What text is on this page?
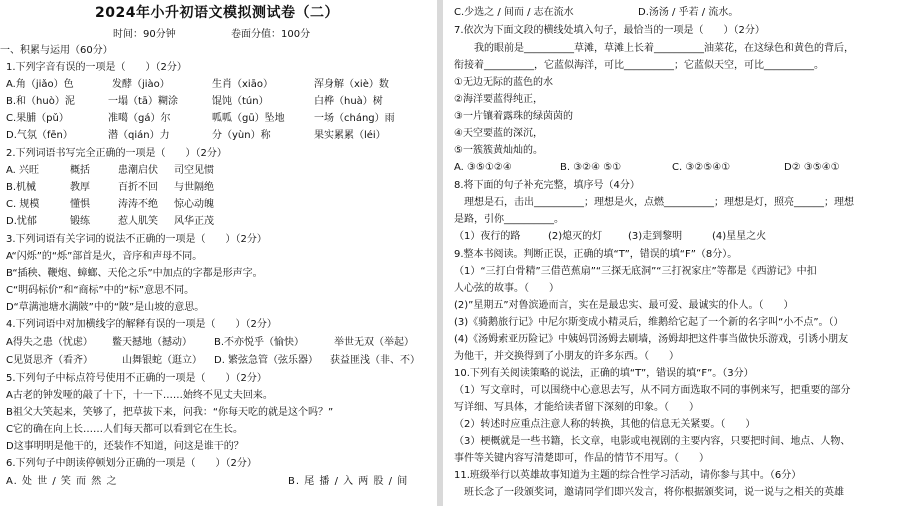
2024年小升初语文模拟测试卷（二）
时间：90分钟	卷面分值：100分
一、积累与运用（60分）
1.下列字音有误的一项是（　　）（2分）
A.角（jiǎo）色	发酵（jiào）	生肖（xiāo）	浑身解（xiè）数
B.和（huò）泥	一塌（tā）糊涂	馄饨（tún）	白桦（huà）树
C.果脯（pǔ）	准噶（gá）尔	呱呱（gū）坠地	一场（cháng）雨
D.气氛（fēn）	潜（qián）力	分（yùn）称	果实累累（léi）
2.下列词语书写完全正确的一项是（　　）（2分）
A. 兴旺	概括	患潮启伏 司空见惯
B.机械	教厚	百折不回 与世隔绝
C. 规模	懂惧	涛涛不绝 惊心动魄
D.忧郁	锻练	惹人肌笑 风华正茂
3.下列词语有关字词的说法不正确的一项是（　　）（2分）
A“闪烁”的“烁”部首是火，音序和声母不同。
B“插秧、鞭炮、蟑螂、天伦之乐”中加点的字都是形声字。
C“明码标价”和“商标”中的“标”意思不同。
D“草满池塘水满陂”中的“陂”是山坡的意思。
4.下列词语中对加横线字的解释有误的一项是（　　）（2分）
A得失之患（忧虑） 鳖天撼地（撼动） B.不亦悦乎（愉快）	举世无双（举起）
C见贤思齐（看齐）	山舞银蛇（逛立） D. 繁弦急管（弦乐器） 获益匪浅（非、不）
5.下列句子中标点符号使用不正确的一项是（　　）（2分）
A古老的钟发哑的敲了十下，十一下……始终不见丈夫回来。
B祖父大笑起来，笑够了，把草拔下来，问我：“你每天吃的就是这个吗？”
C它的确在向上长……人们每天都可以看到它在生长。
D这事明明是他干的，还装作不知道，问这是谁干的？
6.下列句子中朗读停顿划分正确的一项是（　　）（2分）
A. 处 世 / 笑 而 然 之	B. 尾 播 / 入 两 股 / 间
C.少选之 / 间而 / 志在流水	D.汤汤 / 乎若 / 流水。
7.依次为下面文段的横线处填入句子，最恰当的一项是（　　）（2分）
　　我的眼前是__________草滩，草滩上长着__________油菜花，在这绿色和黄色的背后，
衔接着__________，它蓝似海洋，可比__________；它蓝似天空，可比__________。
①无边无际的蓝色的水
②海洋要蓝得纯正，
③一片镶着露珠的绿茵茵的
④天空要蓝的深沉，
⑤一簇簇黄灿灿的。
A. ③⑤①②④	B. ③②④ ⑤①	C. ③②⑤④①	D② ③⑤④①
8.将下面的句子补充完整，填序号（4分）
　理想是石，击出__________；理想是火，点燃__________；理想是灯，照亮______；理想
是路，引你__________。
（1）夜行的路	(2)熄灭的灯	(3)走到黎明	(4)星星之火
9.整本书阅读。判断正误，正确的填“T”，错误的填“F”（8分）。
（1）“三打白骨精”三借芭蕉扇”“三探无底洞”“三打祝家庄”等都是《西游记》中扣
人心弦的故事。（　　）
(2)”星期五”对鲁滨逊而言，实在是最忠实、最可爱、最诚实的仆人。（　　）
(3)《骑鹅旅行记》中尼尔斯变成小精灵后，维鹅给它起了一个新的名字叫“小不点”。（）
(4)《汤姆索亚历险记》中姨妈罚汤姆去刷墙，汤姆却把这件事当做快乐游戏，引诱小朋友
为他干，并交换得到了小朋友的许多东西。（　　）
10.下列有关阅读策略的说法，正确的填“T”，错误的填“F”。（3分）
（1）写文章时，可以围绕中心意思去写，从不同方面选取不同的事例来写，把重要的部分
写详细、写具体，才能给读者留下深刻的印象。（　　）
（2）转述时应重点注意人称的转换，其他的信息无关紧要。（　　）
（3）梗概就是一些书籍，长文章，电影或电视剧的主要内容，只要把时间、地点、人物、
事件等关键内容写清楚即可，作品的情节不用写。（　　）
11.班级举行以英雄故事知道为主题的综合性学习活动，请你参与其中。（6分）
　班长念了一段颁奖词，邀请同学们即兴发言，将你根据颁奖词，说一说与之相关的英雄
